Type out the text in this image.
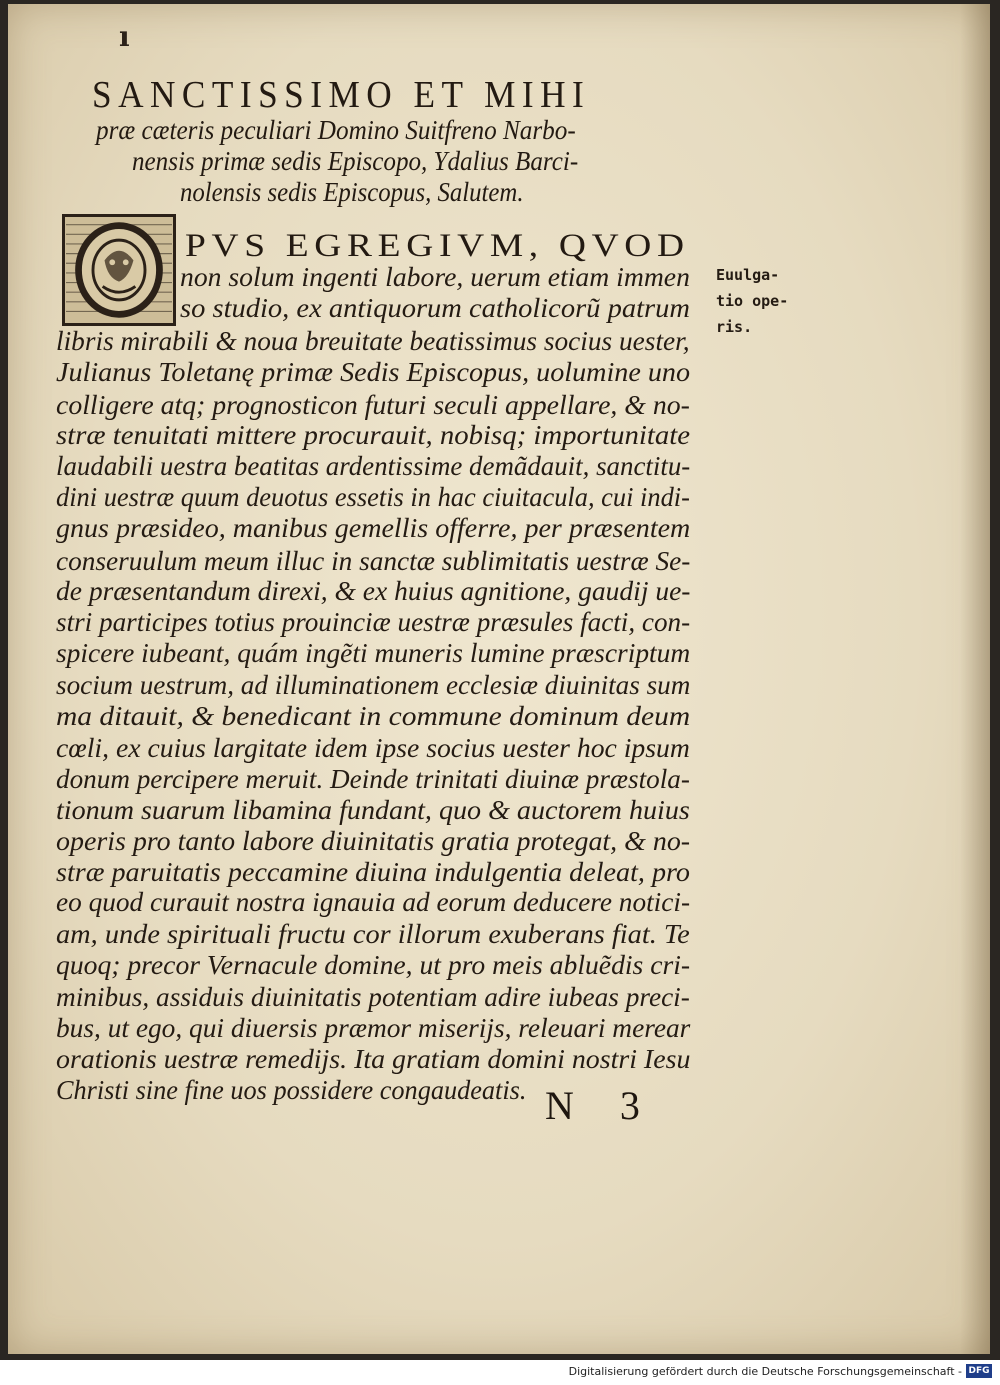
ı
SANCTISSIMO ET MIHI
præ cæteris peculiari Domino Suitfreno Narbo-
nensis primæ sedis Episcopo, Ydalius Barci-
nolensis sedis Episcopus, Salutem.
PVS EGREGIVM, QVOD
non solum ingenti labore, uerum etiam immen
so studio, ex antiquorum catholicorũ patrum
libris mirabili & noua breuitate beatissimus socius uester,
Julianus Toletanę primæ Sedis Episcopus, uolumine uno
colligere atq; prognosticon futuri seculi appellare, & no-
stræ tenuitati mittere procurauit, nobisq; importunitate
laudabili uestra beatitas ardentissime demãdauit, sanctitu-
dini uestræ quum deuotus essetis in hac ciuitacula, cui indi-
gnus præsideo, manibus gemellis offerre, per præsentem
conseruulum meum illuc in sanctæ sublimitatis uestræ Se-
de præsentandum direxi, & ex huius agnitione, gaudij ue-
stri participes totius prouinciæ uestræ præsules facti, con-
spicere iubeant, quám ingẽti muneris lumine præscriptum
socium uestrum, ad illuminationem ecclesiæ diuinitas sum
ma ditauit, & benedicant in commune dominum deum
cœli, ex cuius largitate idem ipse socius uester hoc ipsum
donum percipere meruit. Deinde trinitati diuinæ præstola-
tionum suarum libamina fundant, quo & auctorem huius
operis pro tanto labore diuinitatis gratia protegat, & no-
stræ paruitatis peccamine diuina indulgentia deleat, pro
eo quod curauit nostra ignauia ad eorum deducere notici-
am, unde spirituali fructu cor illorum exuberans fiat. Te
quoq; precor Vernacule domine, ut pro meis abluẽdis cri-
minibus, assiduis diuinitatis potentiam adire iubeas preci-
bus, ut ego, qui diuersis præmor miserijs, releuari merear
orationis uestræ remedijs. Ita gratiam domini nostri Iesu
Christi sine fine uos possidere congaudeatis.
Euulga-
tio ope-
ris.
N 3
Digitalisierung gefördert durch die Deutsche Forschungsgemeinschaft - DFG
